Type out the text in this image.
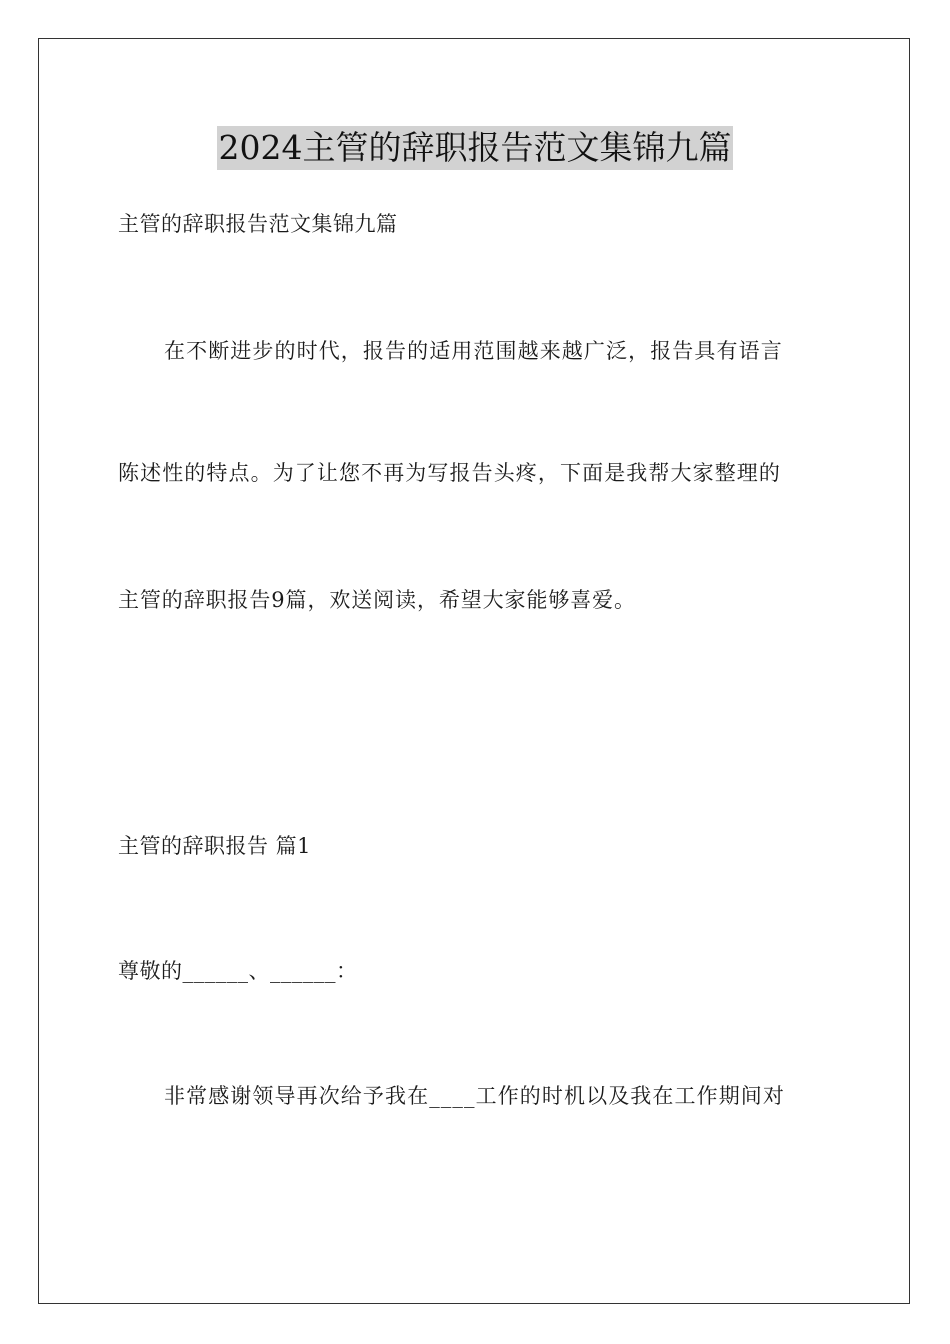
2024主管的辞职报告范文集锦九篇
主管的辞职报告范文集锦九篇
在不断进步的时代，报告的适用范围越来越广泛，报告具有语言
陈述性的特点。为了让您不再为写报告头疼，下面是我帮大家整理的
主管的辞职报告9篇，欢送阅读，希望大家能够喜爱。
主管的辞职报告 篇1
尊敬的______、______：
非常感谢领导再次给予我在____工作的时机以及我在工作期间对
